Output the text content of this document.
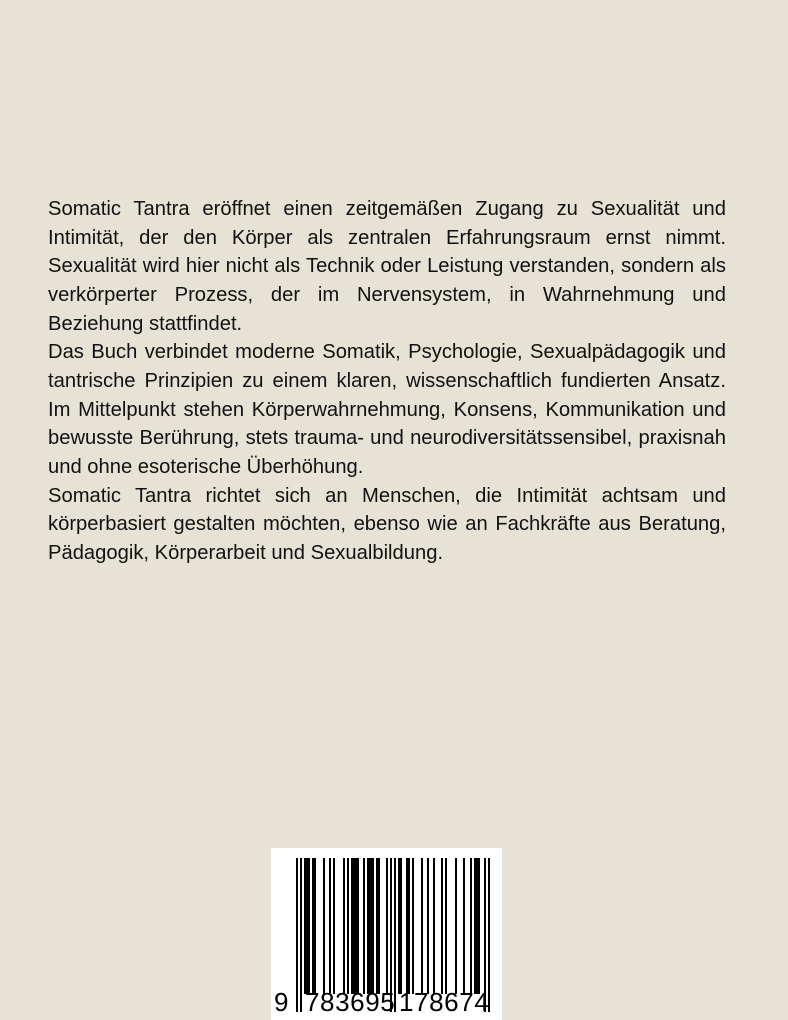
Somatic Tantra eröffnet einen zeitgemäßen Zugang zu Sexualität und Intimität, der den Körper als zentralen Erfahrungsraum ernst nimmt. Sexualität wird hier nicht als Technik oder Leistung verstanden, sondern als verkörperter Prozess, der im Nervensystem, in Wahrnehmung und Beziehung stattfindet.

Das Buch verbindet moderne Somatik, Psychologie, Sexualpädagogik und tantrische Prinzipien zu einem klaren, wissenschaftlich fundierten Ansatz. Im Mittelpunkt stehen Körperwahrnehmung, Konsens, Kommunikation und bewusste Berührung, stets trauma- und neurodiversitätssensibel, praxisnah und ohne esoterische Überhöhung.

Somatic Tantra richtet sich an Menschen, die Intimität achtsam und körperbasiert gestalten möchten, ebenso wie an Fachkräfte aus Beratung, Pädagogik, Körperarbeit und Sexualbildung.

9 783695 178674
